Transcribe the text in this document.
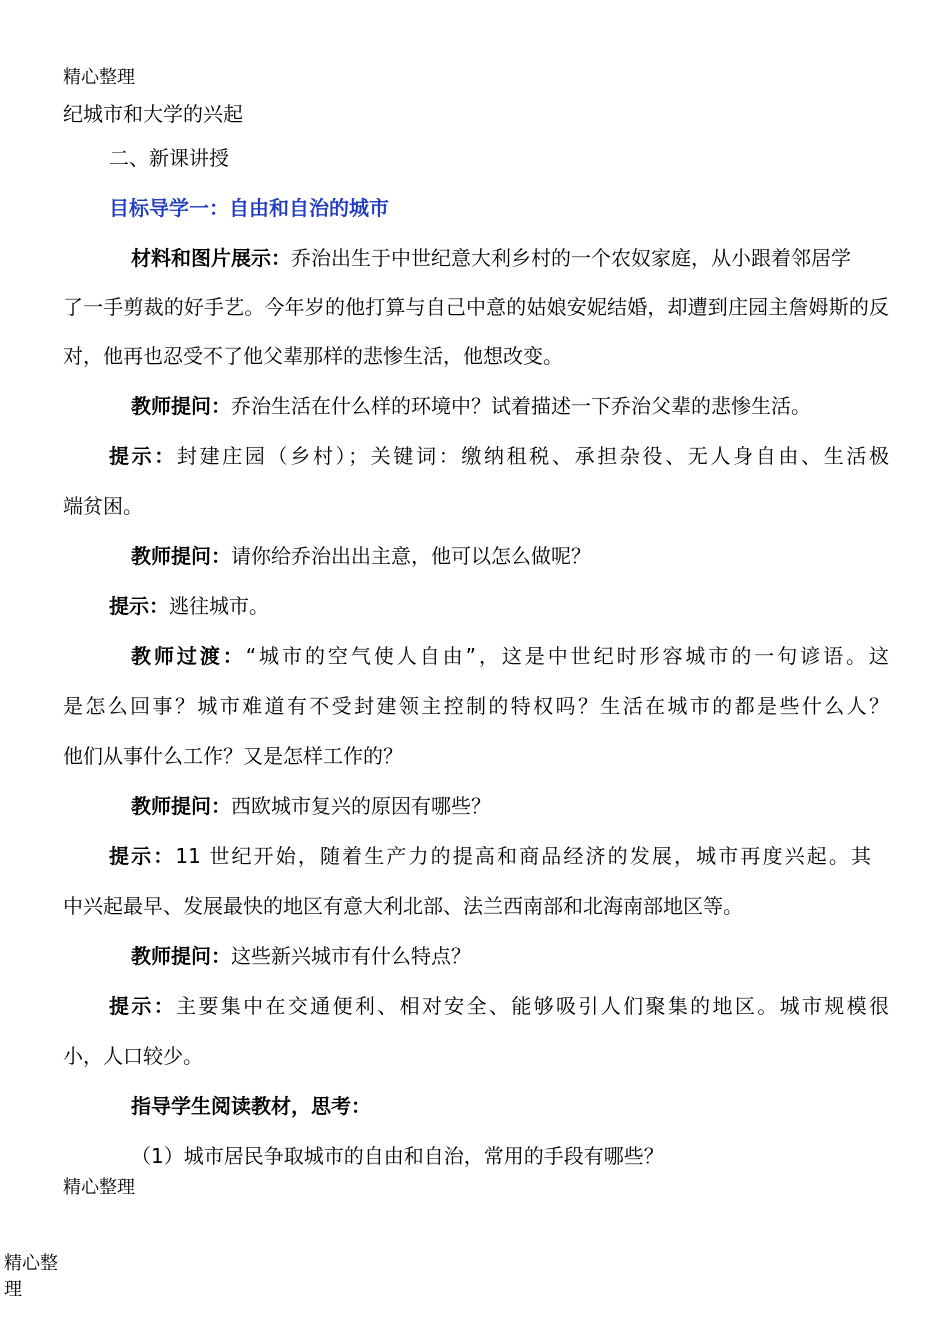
精心整理
纪城市和大学的兴起
二、新课讲授
目标导学一：自由和自治的城市
材料和图片展示：乔治出生于中世纪意大利乡村的一个农奴家庭，从小跟着邻居学
了一手剪裁的好手艺。今年岁的他打算与自己中意的姑娘安妮结婚，却遭到庄园主詹姆斯的反
对，他再也忍受不了他父辈那样的悲惨生活，他想改变。
教师提问：乔治生活在什么样的环境中？试着描述一下乔治父辈的悲惨生活。
提示：封建庄园（乡村）；关键词：缴纳租税、承担杂役、无人身自由、生活极
端贫困。
教师提问：请你给乔治出出主意，他可以怎么做呢？
提示：逃往城市。
教师过渡：“城市的空气使人自由”，这是中世纪时形容城市的一句谚语。这
是怎么回事？城市难道有不受封建领主控制的特权吗？生活在城市的都是些什么人？
他们从事什么工作？又是怎样工作的？
教师提问：西欧城市复兴的原因有哪些？
提示：11 世纪开始，随着生产力的提高和商品经济的发展，城市再度兴起。其
中兴起最早、发展最快的地区有意大利北部、法兰西南部和北海南部地区等。
教师提问：这些新兴城市有什么特点？
提示：主要集中在交通便利、相对安全、能够吸引人们聚集的地区。城市规模很
小，人口较少。
指导学生阅读教材，思考：
（1）城市居民争取城市的自由和自治，常用的手段有哪些？
精心整理
精心整
理
